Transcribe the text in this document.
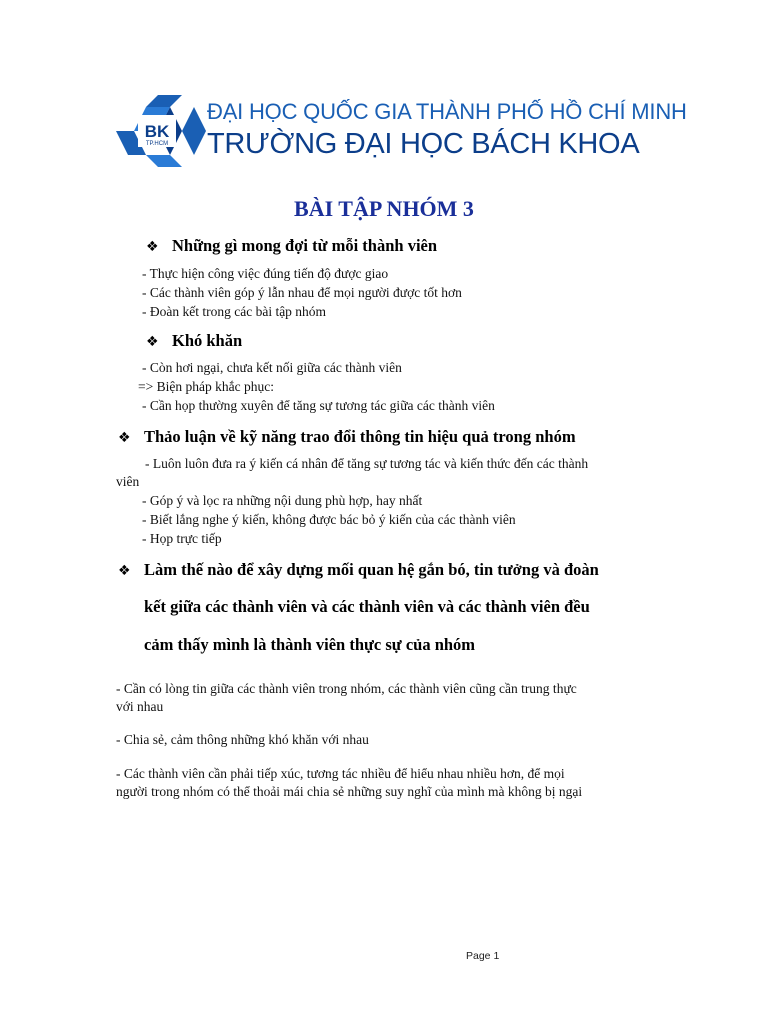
BK
TP.HCM
ĐẠI HỌC QUỐC GIA THÀNH PHỐ HỒ CHÍ MINH
TRƯỜNG ĐẠI HỌC BÁCH KHOA
BÀI TẬP NHÓM 3
❖ Những gì mong đợi từ mỗi thành viên
- Thực hiện công việc đúng tiến độ được giao
- Các thành viên góp ý lẫn nhau để mọi người được tốt hơn
- Đoàn kết trong các bài tập nhóm
❖ Khó khăn
- Còn hơi ngại, chưa kết nối giữa các thành viên
=> Biện pháp khắc phục:
- Cần họp thường xuyên để tăng sự tương tác giữa các thành viên
❖ Thảo luận về kỹ năng trao đổi thông tin hiệu quả trong nhóm
- Luôn luôn đưa ra ý kiến cá nhân để tăng sự tương tác và kiến thức đến các thành
viên
- Góp ý và lọc ra những nội dung phù hợp, hay nhất
- Biết lắng nghe ý kiến, không được bác bỏ ý kiến của các thành viên
- Họp trực tiếp
❖ Làm thế nào để xây dựng mối quan hệ gắn bó, tin tưởng và đoàn
kết giữa các thành viên và các thành viên và các thành viên đều
cảm thấy mình là thành viên thực sự của nhóm
- Cần có lòng tin giữa các thành viên trong nhóm, các thành viên cũng cần trung thực
với nhau
- Chia sẻ, cảm thông những khó khăn với nhau
- Các thành viên cần phải tiếp xúc, tương tác nhiều để hiểu nhau nhiều hơn, để mọi
người trong nhóm có thể thoải mái chia sẻ những suy nghĩ của mình mà không bị ngại
Page 1
